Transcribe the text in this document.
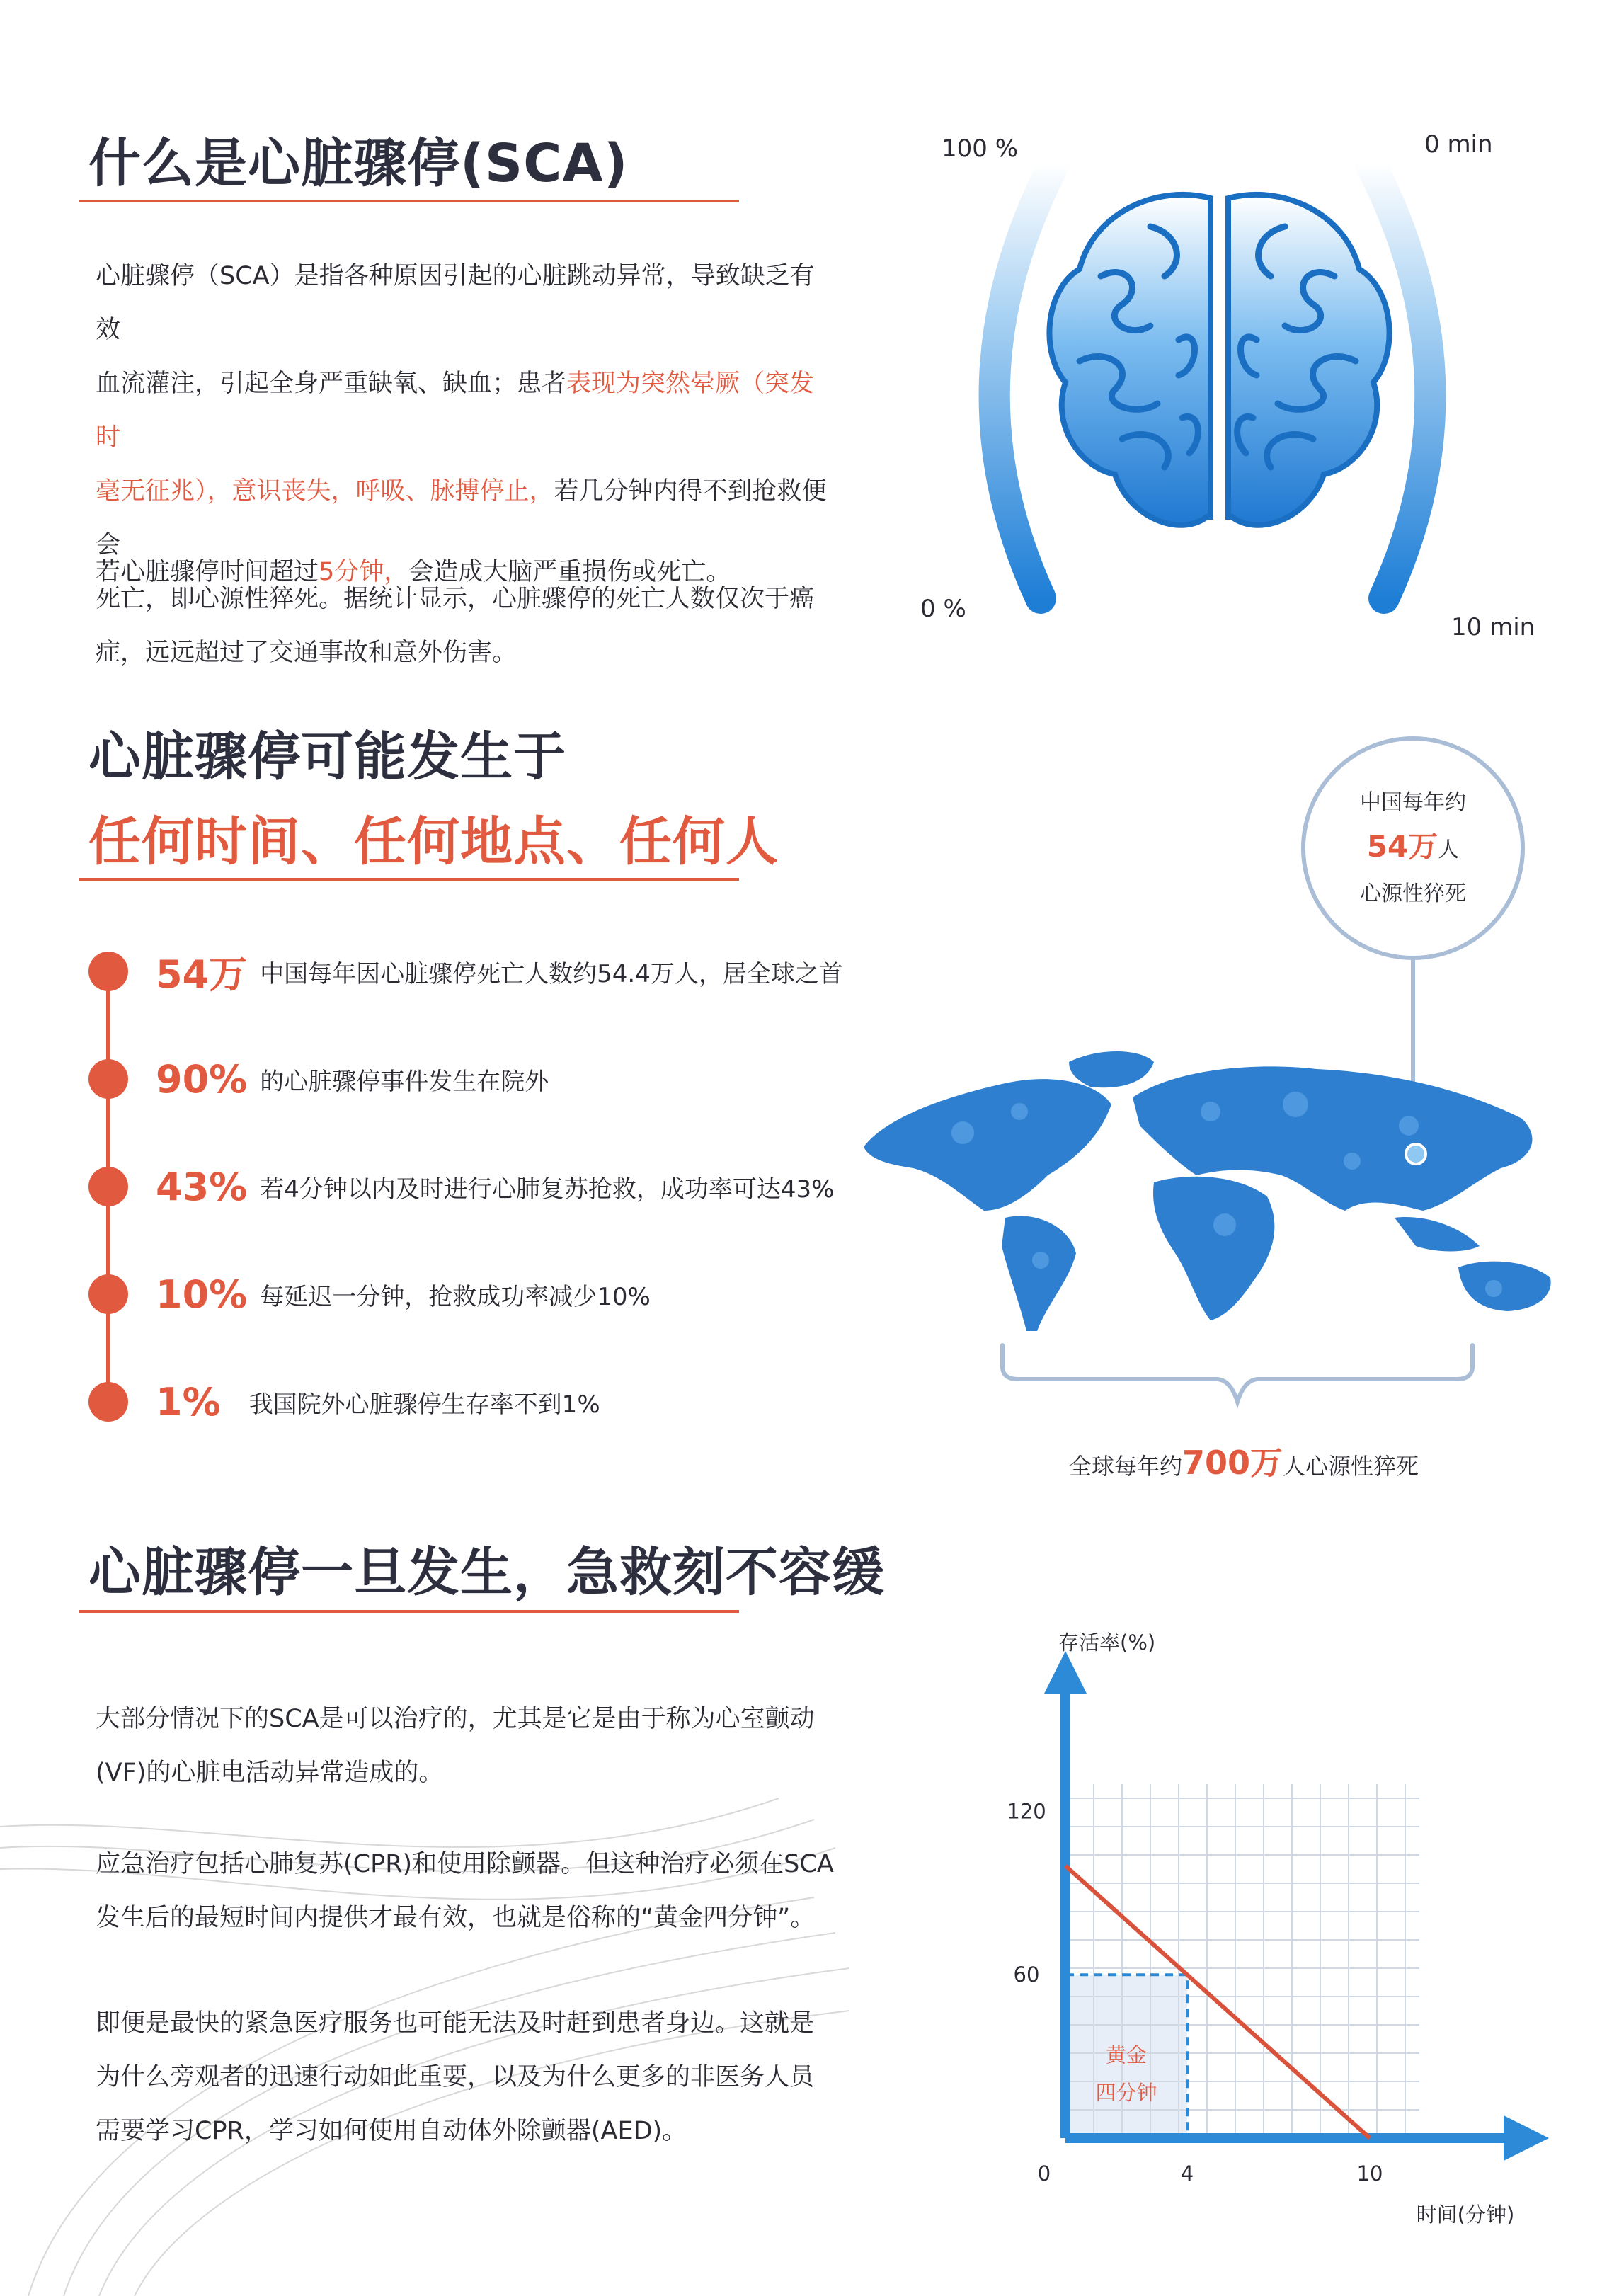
什么是心脏骤停(SCA)
心脏骤停（SCA）是指各种原因引起的心脏跳动异常，导致缺乏有效
血流灌注，引起全身严重缺氧、缺血；患者表现为突然晕厥（突发时
毫无征兆），意识丧失，呼吸、脉搏停止，若几分钟内得不到抢救便会
死亡，即心源性猝死。据统计显示，心脏骤停的死亡人数仅次于癌
症，远远超过了交通事故和意外伤害。
若心脏骤停时间超过5分钟，会造成大脑严重损伤或死亡。
100 %	0 min
0 %
10 min
心脏骤停可能发生于
任何时间、任何地点、任何人
54万 中国每年因心脏骤停死亡人数约54.4万人，居全球之首
90% 的心脏骤停事件发生在院外
43% 若4分钟以内及时进行心肺复苏抢救，成功率可达43%
10% 每延迟一分钟，抢救成功率减少10%
1% 我国院外心脏骤停生存率不到1%
中国每年约
54万人
心源性猝死
全球每年约700万人心源性猝死
心脏骤停一旦发生，急救刻不容缓
大部分情况下的SCA是可以治疗的，尤其是它是由于称为心室颤动
(VF)的心脏电活动异常造成的。
应急治疗包括心肺复苏(CPR)和使用除颤器。但这种治疗必须在SCA
发生后的最短时间内提供才最有效，也就是俗称的“黄金四分钟”。
即便是最快的紧急医疗服务也可能无法及时赶到患者身边。这就是
为什么旁观者的迅速行动如此重要，以及为什么更多的非医务人员
需要学习CPR，学习如何使用自动体外除颤器(AED)。
120
60
0	4	10
存活率(%)
时间(分钟)
黄金
四分钟
